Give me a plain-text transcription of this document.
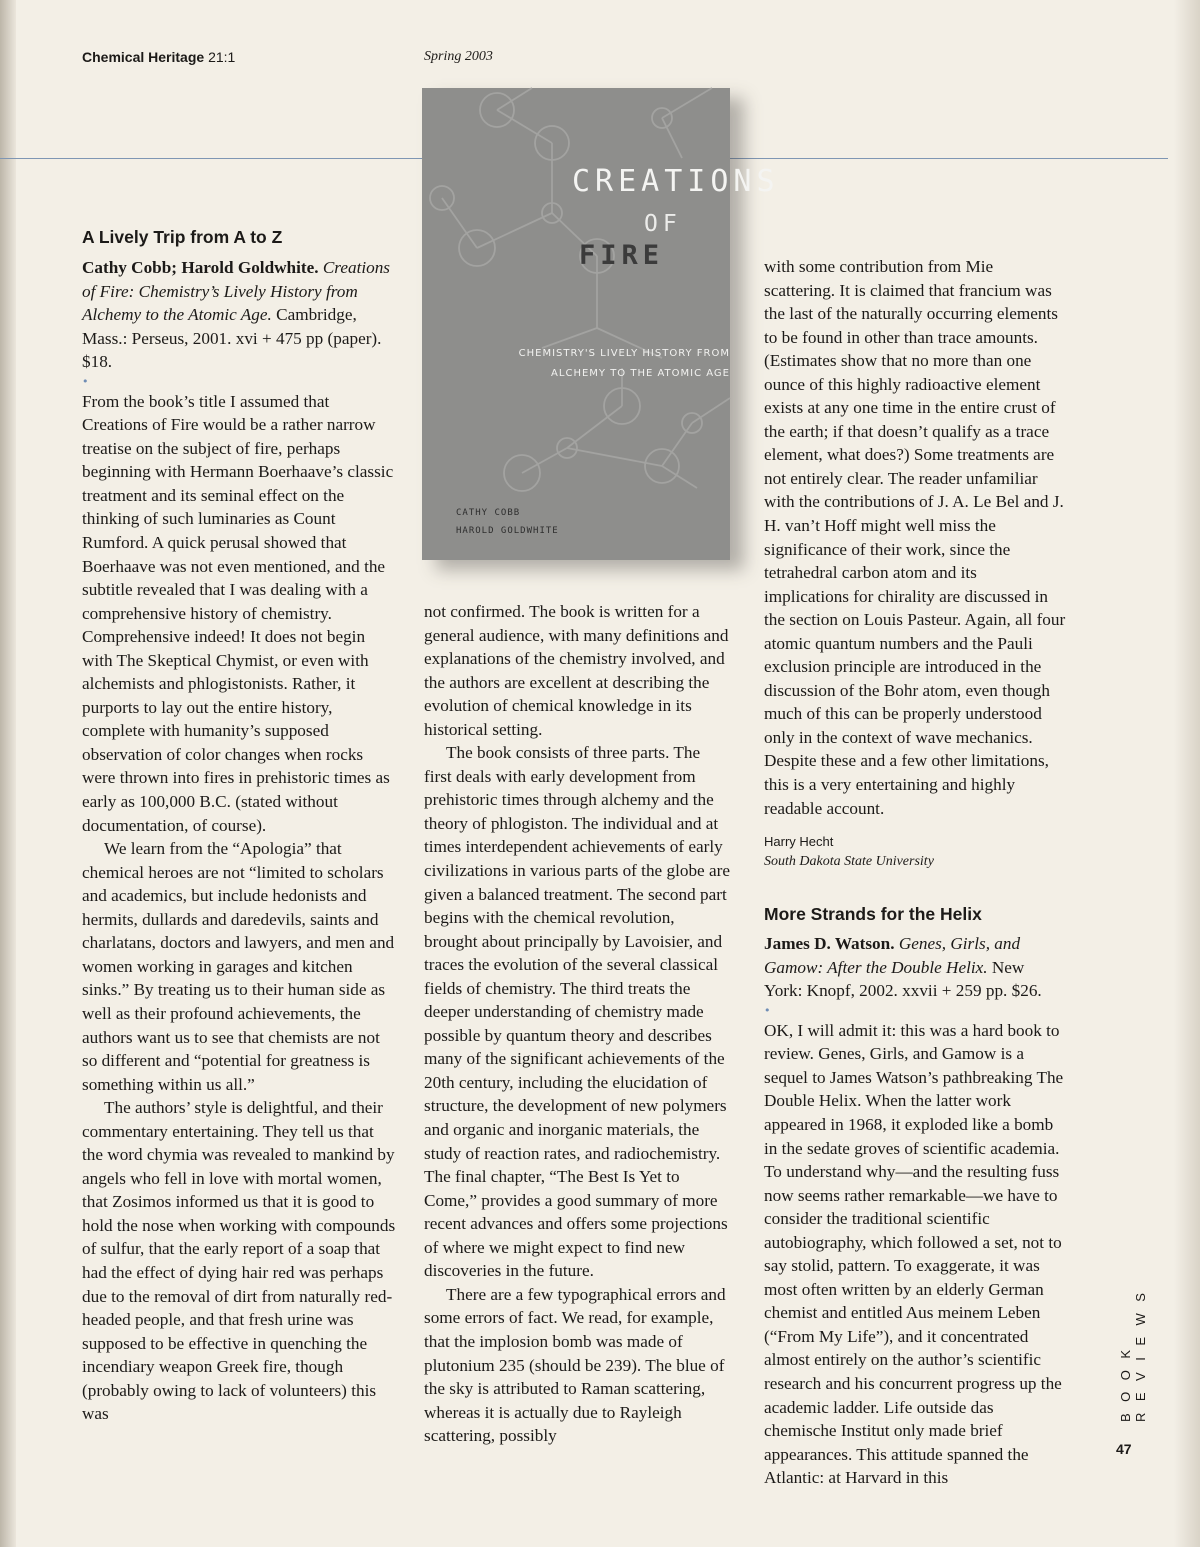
Chemical Heritage 21:1	Spring 2003
CREATIONS
OF
FIRE
CHEMISTRY'S LIVELY HISTORY FROM
ALCHEMY TO THE ATOMIC AGE
CATHY COBB
HAROLD GOLDWHITE
A Lively Trip from A to Z

Cathy Cobb; Harold Goldwhite. Creations of Fire: Chemistry’s Lively History from Alchemy to the Atomic Age. Cambridge, Mass.: Perseus, 2001. xvi + 475 pp (paper). $18.

•

From the book’s title I assumed that Creations of Fire would be a rather narrow treatise on the subject of fire, perhaps beginning with Hermann Boerhaave’s classic treatment and its seminal effect on the thinking of such luminaries as Count Rumford. A quick perusal showed that Boerhaave was not even mentioned, and the subtitle revealed that I was dealing with a comprehensive history of chemistry. Comprehensive indeed! It does not begin with The Skeptical Chymist, or even with alchemists and phlogistonists. Rather, it purports to lay out the entire history, complete with humanity’s supposed observation of color changes when rocks were thrown into fires in prehistoric times as early as 100,000 B.C. (stated without documentation, of course).

We learn from the “Apologia” that chemical heroes are not “limited to scholars and academics, but include hedonists and hermits, dullards and daredevils, saints and charlatans, doctors and lawyers, and men and women working in garages and kitchen sinks.” By treating us to their human side as well as their profound achievements, the authors want us to see that chemists are not so different and “potential for greatness is something within us all.”

The authors’ style is delightful, and their commentary entertaining. They tell us that the word chymia was revealed to mankind by angels who fell in love with mortal women, that Zosimos informed us that it is good to hold the nose when working with compounds of sulfur, that the early report of a soap that had the effect of dying hair red was perhaps due to the removal of dirt from naturally red-headed people, and that fresh urine was supposed to be effective in quenching the incendiary weapon Greek fire, though (probably owing to lack of volunteers) this was

not confirmed. The book is written for a general audience, with many definitions and explanations of the chemistry involved, and the authors are excellent at describing the evolution of chemical knowledge in its historical setting.

The book consists of three parts. The first deals with early development from prehistoric times through alchemy and the theory of phlogiston. The individual and at times interdependent achievements of early civilizations in various parts of the globe are given a balanced treatment. The second part begins with the chemical revolution, brought about principally by Lavoisier, and traces the evolution of the several classical fields of chemistry. The third treats the deeper understanding of chemistry made possible by quantum theory and describes many of the significant achievements of the 20th century, including the elucidation of structure, the development of new polymers and organic and inorganic materials, the study of reaction rates, and radiochemistry. The final chapter, “The Best Is Yet to Come,” provides a good summary of more recent advances and offers some projections of where we might expect to find new discoveries in the future.

There are a few typographical errors and some errors of fact. We read, for example, that the implosion bomb was made of plutonium 235 (should be 239). The blue of the sky is attributed to Raman scattering, whereas it is actually due to Rayleigh scattering, possibly

with some contribution from Mie scattering. It is claimed that francium was the last of the naturally occurring elements to be found in other than trace amounts. (Estimates show that no more than one ounce of this highly radioactive element exists at any one time in the entire crust of the earth; if that doesn’t qualify as a trace element, what does?) Some treatments are not entirely clear. The reader unfamiliar with the contributions of J. A. Le Bel and J. H. van’t Hoff might well miss the significance of their work, since the tetrahedral carbon atom and its implications for chirality are discussed in the section on Louis Pasteur. Again, all four atomic quantum numbers and the Pauli exclusion principle are introduced in the discussion of the Bohr atom, even though much of this can be properly understood only in the context of wave mechanics. Despite these and a few other limitations, this is a very entertaining and highly readable account.

Harry Hecht
South Dakota State University
More Strands for the Helix

James D. Watson. Genes, Girls, and Gamow: After the Double Helix. New York: Knopf, 2002. xxvii + 259 pp. $26.

•

OK, I will admit it: this was a hard book to review. Genes, Girls, and Gamow is a sequel to James Watson’s pathbreaking The Double Helix. When the latter work appeared in 1968, it exploded like a bomb in the sedate groves of scientific academia. To understand why—and the resulting fuss now seems rather remarkable—we have to consider the traditional scientific autobiography, which followed a set, not to say stolid, pattern. To exaggerate, it was most often written by an elderly German chemist and entitled Aus meinem Leben (“From My Life”), and it concentrated almost entirely on the author’s scientific research and his concurrent progress up the academic ladder. Life outside das chemische Institut only made brief appearances. This attitude spanned the Atlantic: at Harvard in this

BOOK REVIEWS
47
